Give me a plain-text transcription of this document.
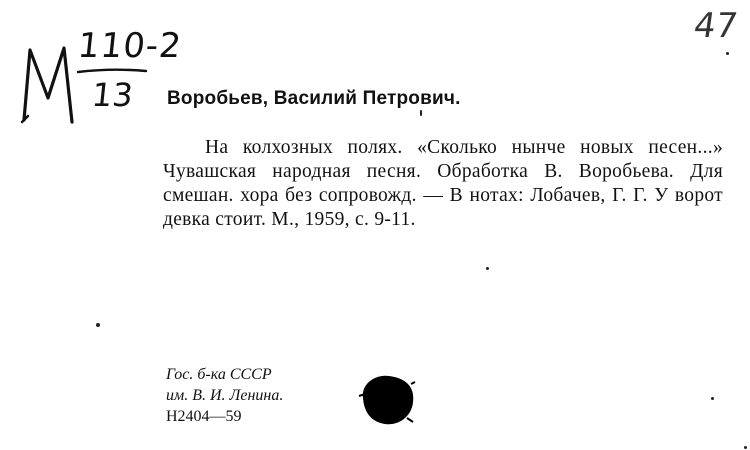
110-2
13
47
Воробьев, Василий Петрович.
На колхозных полях. «Сколько нынче новых песен...» Чувашская народная песня. Обработка В. Воробьева. Для смешан. хора без сопровожд. — В нотах: Лобачев, Г. Г. У ворот девка стоит. М., 1959, с. 9-11.
Гос. б-ка СССР
им. В. И. Ленина.
Н2404—59
